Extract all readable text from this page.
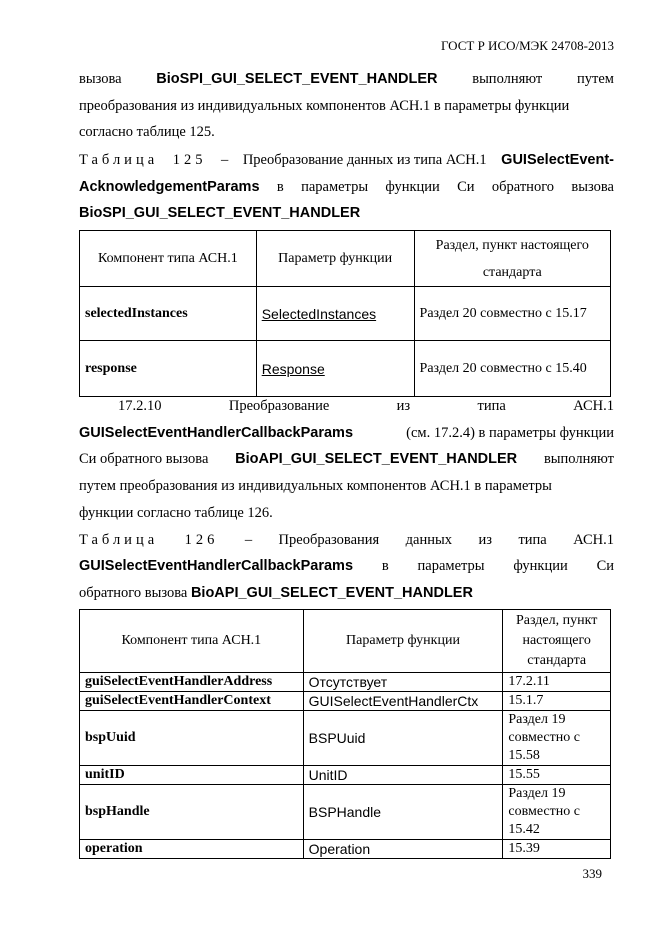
ГОСТ Р ИСО/МЭК 24708-2013
вызова BioSPI_GUI_SELECT_EVENT_HANDLER выполняют путем
преобразования из индивидуальных компонентов АСН.1 в параметры функции
согласно таблице 125.
Таблица 125 – Преобразование данных из типа АСН.1 GUISelectEvent-
AcknowledgementParams в параметры функции Си обратного вызова
BioSPI_GUI_SELECT_EVENT_HANDLER
Компонент типа АСН.1	Параметр функции	Раздел, пункт настоящего стандарта
selectedInstances	SelectedInstances	Раздел 20 совместно с 15.17
response	Response	Раздел 20 совместно с 15.40
17.2.10	Преобразование	из	типа	АСН.1
GUISelectEventHandlerCallbackParams	(см. 17.2.4) в параметры функции
Си обратного вызова BioAPI_GUI_SELECT_EVENT_HANDLER выполняют
путем преобразования из индивидуальных компонентов АСН.1 в параметры
функции согласно таблице 126.
Таблица 126 – Преобразования данных из типа АСН.1
GUISelectEventHandlerCallbackParams в параметры функции Си
обратного вызова
BioAPI_GUI_SELECT_EVENT_HANDLER
Компонент типа АСН.1	Параметр функции	Раздел, пункт настоящего стандарта
guiSelectEventHandlerAddress	Отсутствует	17.2.11
guiSelectEventHandlerContext	GUISelectEventHandlerCtx	15.1.7
bspUuid	BSPUuid	Раздел 19 совместно с 15.58
unitID	UnitID	15.55
bspHandle	BSPHandle	Раздел 19 совместно с 15.42
operation	Operation	15.39
339
